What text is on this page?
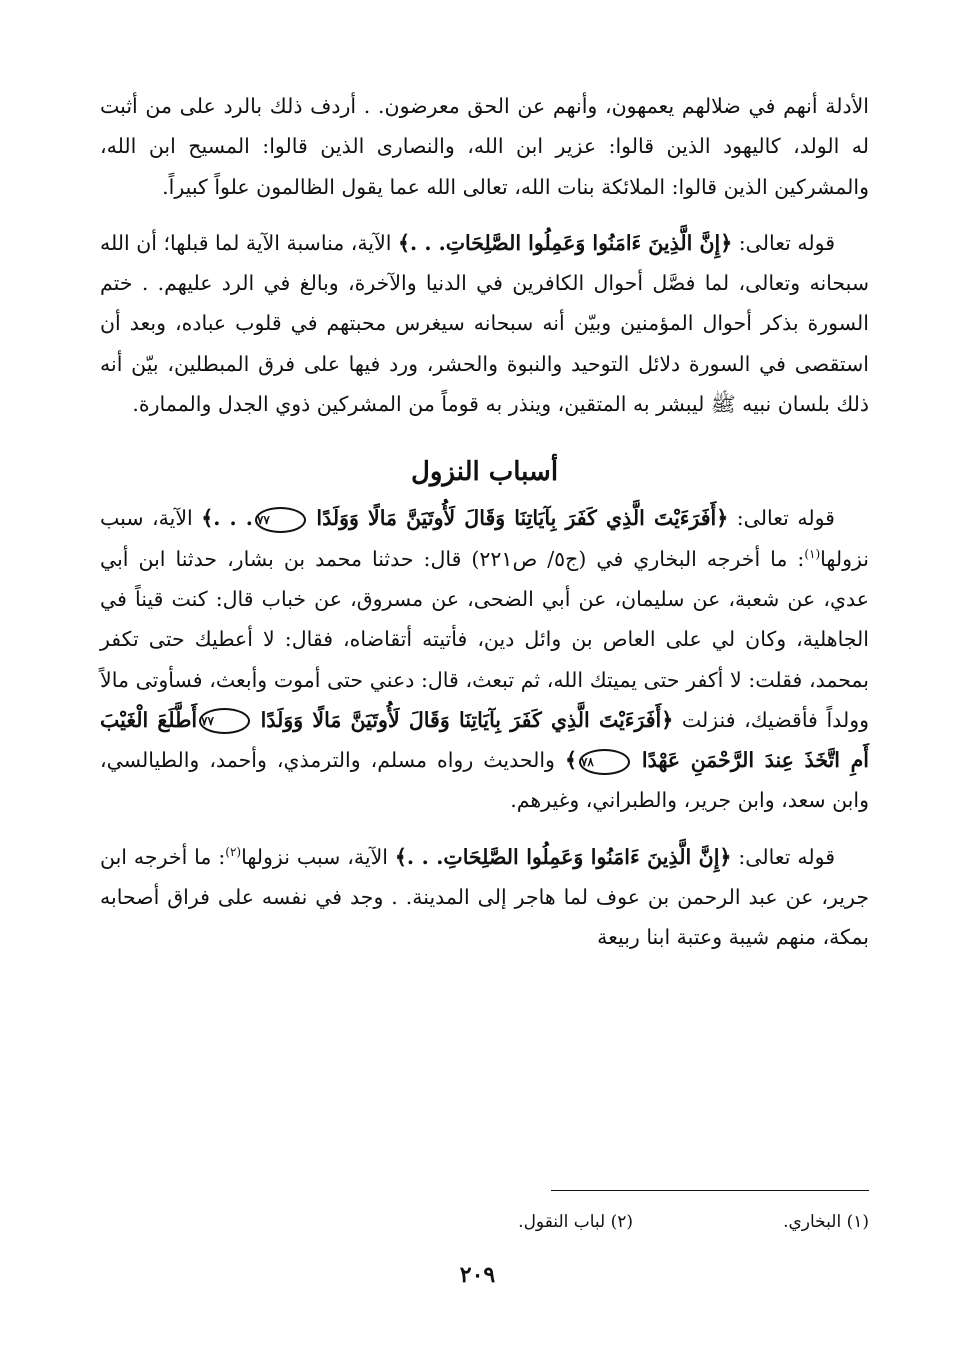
الأدلة أنهم في ضلالهم يعمهون، وأنهم عن الحق معرضون. . أردف ذلك بالرد على من أثبت له الولد، كاليهود الذين قالوا: عزير ابن الله، والنصارى الذين قالوا: المسيح ابن الله، والمشركين الذين قالوا: الملائكة بنات الله، تعالى الله عما يقول الظالمون علواً كبيراً.

قوله تعالى: ﴿إِنَّ الَّذِينَ ءَامَنُوا وَعَمِلُوا الصَّلِحَاتِ. . .﴾ الآية، مناسبة الآية لما قبلها؛ أن الله سبحانه وتعالى، لما فصَّل أحوال الكافرين في الدنيا والآخرة، وبالغ في الرد عليهم. . ختم السورة بذكر أحوال المؤمنين وبيّن أنه سبحانه سيغرس محبتهم في قلوب عباده، وبعد أن استقصى في السورة دلائل التوحيد والنبوة والحشر، ورد فيها على فرق المبطلين، بيّن أنه ذلك بلسان نبيه ﷺ ليبشر به المتقين، وينذر به قوماً من المشركين ذوي الجدل والممارة.

أسباب النزول

قوله تعالى: ﴿أَفَرَءَيْتَ الَّذِي كَفَرَ بِآيَاتِنَا وَقَالَ لَأُوتَيَنَّ مَالًا وَوَلَدًا ٧٧. . .﴾ الآية، سبب نزولها$^{(١)}$: ما أخرجه البخاري في (ج٥/ ص٢٢١) قال: حدثنا محمد بن بشار، حدثنا ابن أبي عدي، عن شعبة، عن سليمان، عن أبي الضحى، عن مسروق، عن خباب قال: كنت قيناً في الجاهلية، وكان لي على العاص بن وائل دين، فأتيته أتقاضاه، فقال: لا أعطيك حتى تكفر بمحمد، فقلت: لا أكفر حتى يميتك الله، ثم تبعث، قال: دعني حتى أموت وأبعث، فسأوتى مالاً وولداً فأقضيك، فنزلت ﴿أَفَرَءَيْتَ الَّذِي كَفَرَ بِآيَاتِنَا وَقَالَ لَأُوتَيَنَّ مَالًا وَوَلَدًا ٧٧أَطَّلَعَ الْغَيْبَ أَمِ اتَّخَذَ عِندَ الرَّحْمَنِ عَهْدًا ٧٨﴾ والحديث رواه مسلم، والترمذي، وأحمد، والطيالسي، وابن سعد، وابن جرير، والطبراني، وغيرهم.

قوله تعالى: ﴿إِنَّ الَّذِينَ ءَامَنُوا وَعَمِلُوا الصَّلِحَاتِ. . .﴾ الآية، سبب نزولها$^{(٢)}$: ما أخرجه ابن جرير، عن عبد الرحمن بن عوف لما هاجر إلى المدينة. . وجد في نفسه على فراق أصحابه بمكة، منهم شيبة وعتبة ابنا ربيعة

(١) البخاري.
(٢) لباب النقول.
٢٠٩
